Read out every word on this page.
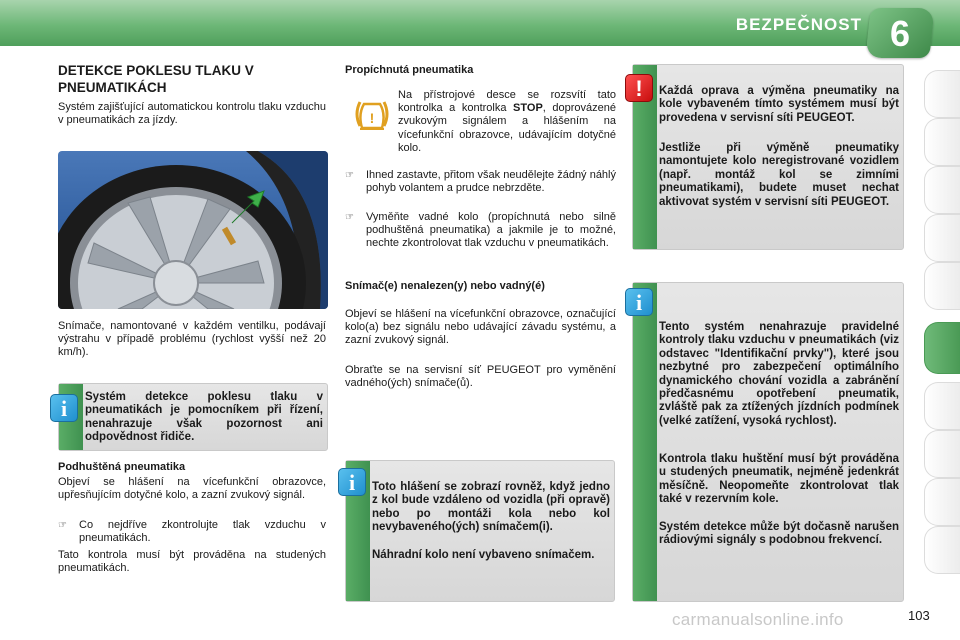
BEZPEČNOST 6
DETEKCE POKLESU TLAKU V PNEUMATIKÁCH
Systém zajišťující automatickou kontrolu tlaku vzduchu v pneumatikách za jízdy.
Snímače, namontované v každém ventilku, podávají výstrahu v případě problému (rychlost vyšší než 20 km/h).
Systém detekce poklesu tlaku v pneumatikách je pomocníkem při řízení, nenahrazuje však pozornost ani odpovědnost řidiče.
i
Podhuštěná pneumatika
Objeví se hlášení na vícefunkční obrazovce, upřesňujícím dotyčné kolo, a zazní zvukový signál.
☞ Co nejdříve zkontrolujte tlak vzduchu v pneumatikách.
Tato kontrola musí být prováděna na studených pneumatikách.
Propíchnutá pneumatika
!
Na přístrojové desce se rozsvítí tato kontrolka a kontrolka STOP, doprovázené zvukovým signálem a hlášením na vícefunkční obrazovce, udávajícím dotyčné kolo.
☞ Ihned zastavte, přitom však neudělejte žádný náhlý pohyb volantem a prudce nebrzděte.
☞ Vyměňte vadné kolo (propíchnutá nebo silně podhuštěná pneumatika) a jakmile je to možné, nechte zkontrolovat tlak vzduchu v pneumatikách.
Snímač(e) nenalezen(y) nebo vadný(é)
Objeví se hlášení na vícefunkční obrazovce, označující kolo(a) bez signálu nebo udávající závadu systému, a zazní zvukový signál.
Obraťte se na servisní síť PEUGEOT pro vyměnění vadného(ých) snímače(ů).
Toto hlášení se zobrazí rovněž, když jedno z kol bude vzdáleno od vozidla (při opravě) nebo po montáži kola nebo kol nevybaveného(ých) snímačem(i).
Náhradní kolo není vybaveno snímačem.
i
Každá oprava a výměna pneumatiky na kole vybaveném tímto systémem musí být provedena v servisní síti PEUGEOT.
Jestliže při výměně pneumatiky namontujete kolo neregistrované vozidlem (např. montáž kol se zimními pneumatikami), budete muset nechat aktivovat systém v servisní síti PEUGEOT.
!
Tento systém nenahrazuje pravidelné kontroly tlaku vzduchu v pneumatikách (viz odstavec "Identifikační prvky"), které jsou nezbytné pro zabezpečení optimálního dynamického chování vozidla a zabránění předčasnému opotřebení pneumatik, zvláště pak za ztížených jízdních podmínek (velké zatížení, vysoká rychlost).
Kontrola tlaku huštění musí být prováděna u studených pneumatik, nejméně jedenkrát měsíčně. Neopomeňte zkontrolovat tlak také v rezervním kole.
Systém detekce může být dočasně narušen rádiovými signály s podobnou frekvencí.
i
carmanualsonline.info	103
